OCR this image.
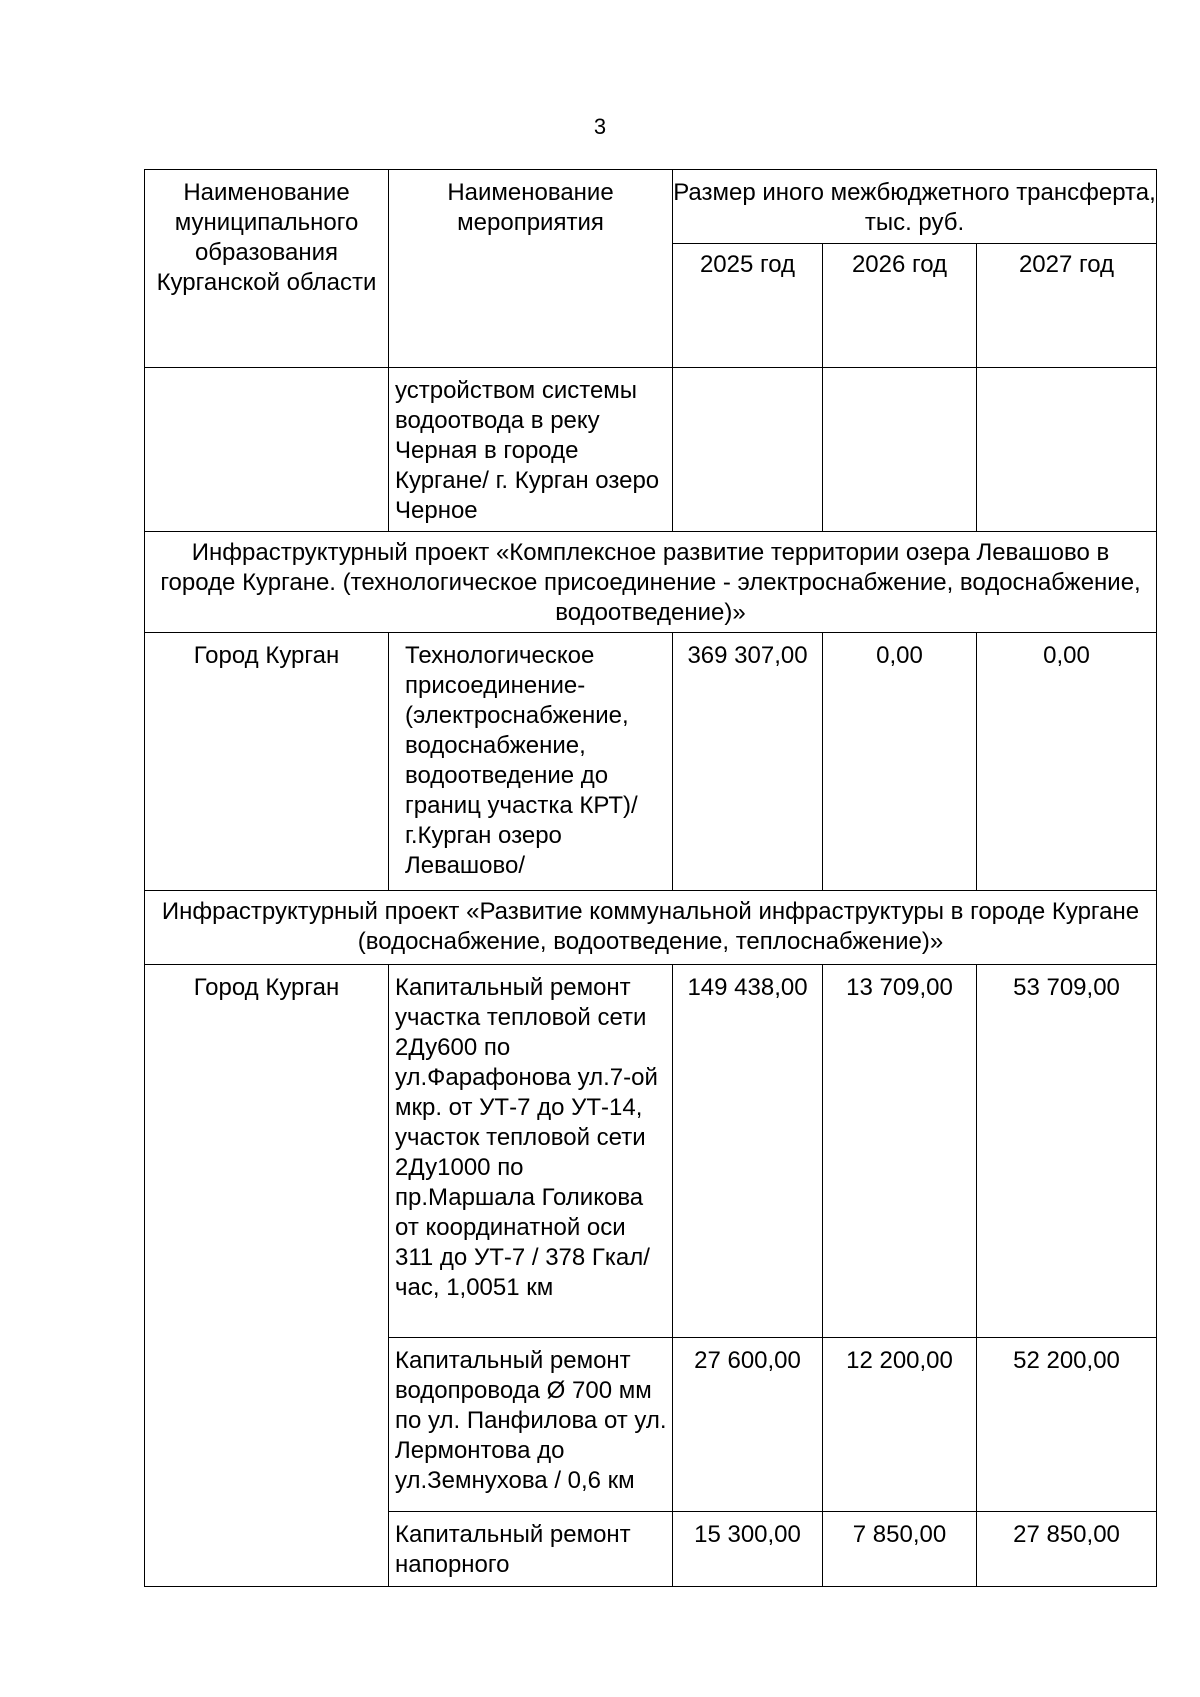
3
Наименование муниципального образования Курганской области	Наименование мероприятия	Размер иного межбюджетного трансферта, тыс. руб.		
		2025 год	2026 год	2027 год
	устройством системы водоотвода в реку Черная в городе Кургане/ г. Курган озеро Черное			
Инфраструктурный проект «Комплексное развитие территории озера Левашово в городе Кургане. (технологическое присоединение - электроснабжение, водоснабжение, водоотведение)»				
Город Курган	Технологическое присоединение-(электроснабжение, водоснабжение, водоотведение до границ участка КРТ)/г.Курган озеро Левашово/	369 307,00	0,00	0,00
Инфраструктурный проект «Развитие коммунальной инфраструктуры в городе Кургане (водоснабжение, водоотведение, теплоснабжение)»				
Город Курган	Капитальный ремонт участка тепловой сети 2Ду600 по ул.Фарафонова ул.7-ой мкр. от УТ-7 до УТ-14, участок тепловой сети 2Ду1000 по пр.Маршала Голикова от координатной оси 311 до УТ-7 / 378 Гкал/час, 1,0051 км	149 438,00	13 709,00	53 709,00
	Капитальный ремонт водопровода Ø 700 мм по ул. Панфилова от ул. Лермонтова до ул.Земнухова / 0,6 км	27 600,00	12 200,00	52 200,00
	Капитальный ремонт напорного	15 300,00	7 850,00	27 850,00
